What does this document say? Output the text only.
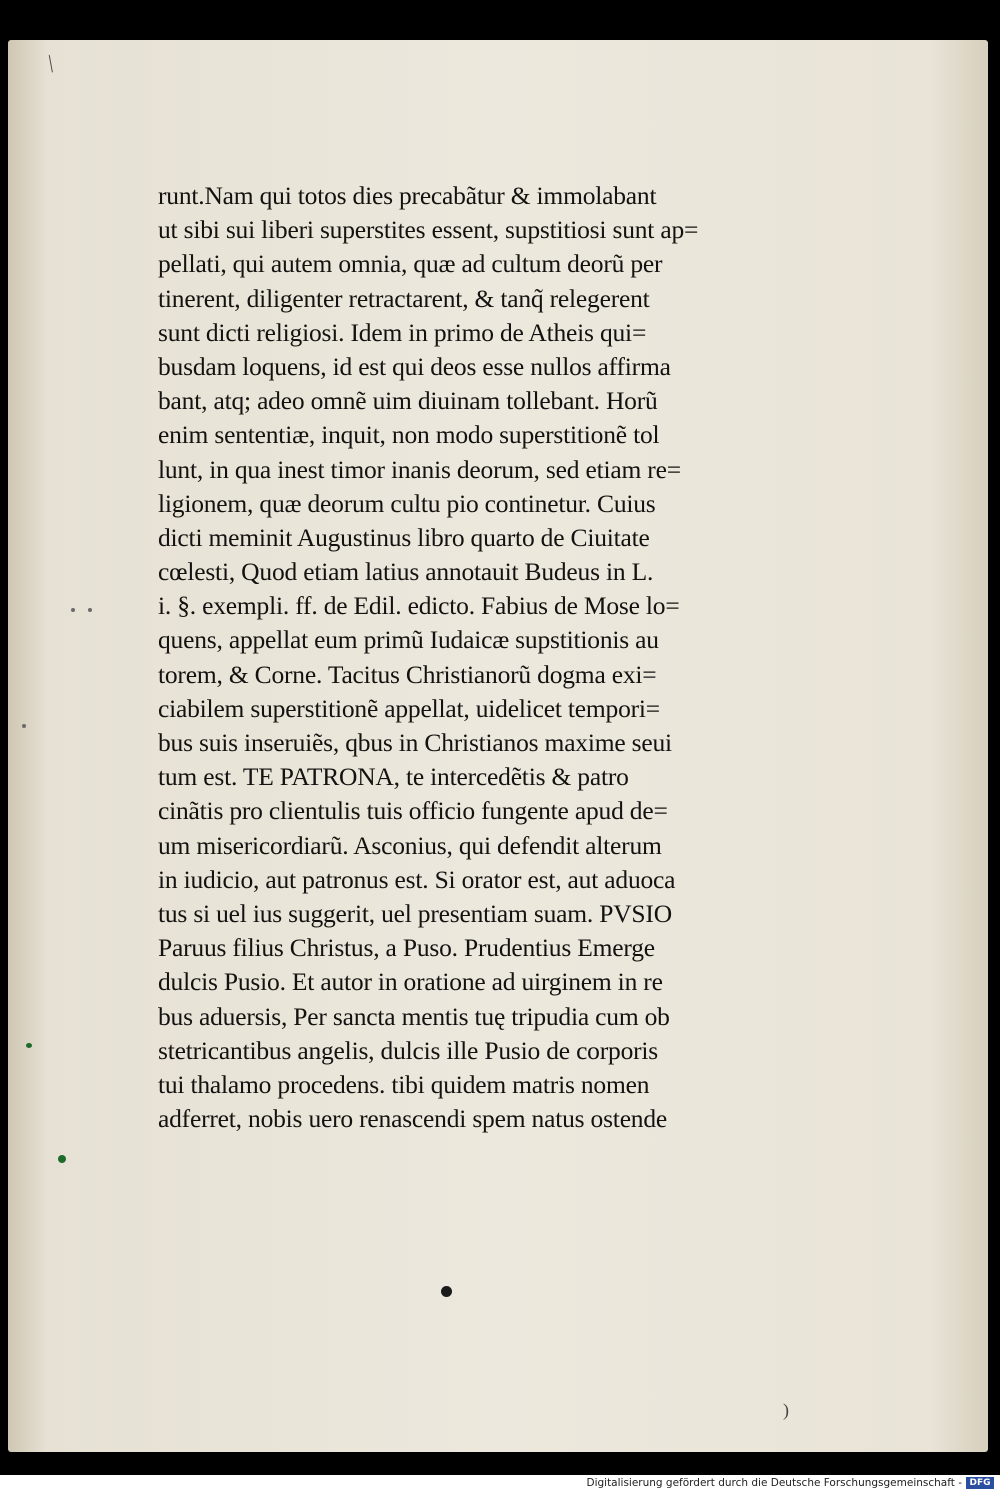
runt.Nam qui totos dies precabãtur & immolabant
ut sibi sui liberi superstites essent, supstitiosi sunt ap=
pellati, qui autem omnia, quæ ad cultum deorũ per
tinerent, diligenter retractarent, & tanq̃ relegerent
sunt dicti religiosi. Idem in primo de Atheis qui=
busdam loquens, id est qui deos esse nullos affirma
bant, atq; adeo omnẽ uim diuinam tollebant. Horũ
enim sententiæ, inquit, non modo superstitionẽ tol
lunt, in qua inest timor inanis deorum, sed etiam re=
ligionem, quæ deorum cultu pio continetur. Cuius
dicti meminit Augustinus libro quarto de Ciuitate
cœlesti, Quod etiam latius annotauit Budeus in L.
i. §. exempli. ff. de Edil. edicto. Fabius de Mose lo=
quens, appellat eum primũ Iudaicæ supstitionis au
torem, & Corne. Tacitus Christianorũ dogma exi=
ciabilem superstitionẽ appellat, uidelicet tempori=
bus suis inseruiẽs, qbus in Christianos maxime seui
tum est. TE PATRONA, te intercedẽtis & patro
cinãtis pro clientulis tuis officio fungente apud de=
um misericordiarũ. Asconius, qui defendit alterum
in iudicio, aut patronus est. Si orator est, aut aduoca
tus si uel ius suggerit, uel presentiam suam. PVSIO
Paruus filius Christus, a Puso. Prudentius Emerge
dulcis Pusio. Et autor in oratione ad uirginem in re
bus aduersis, Per sancta mentis tuę tripudia cum ob
stetricantibus angelis, dulcis ille Pusio de corporis
tui thalamo procedens. tibi quidem matris nomen
adferret, nobis uero renascendi spem natus ostende
⟍
)
Digitalisierung gefördert durch die Deutsche Forschungsgemeinschaft - DFG
